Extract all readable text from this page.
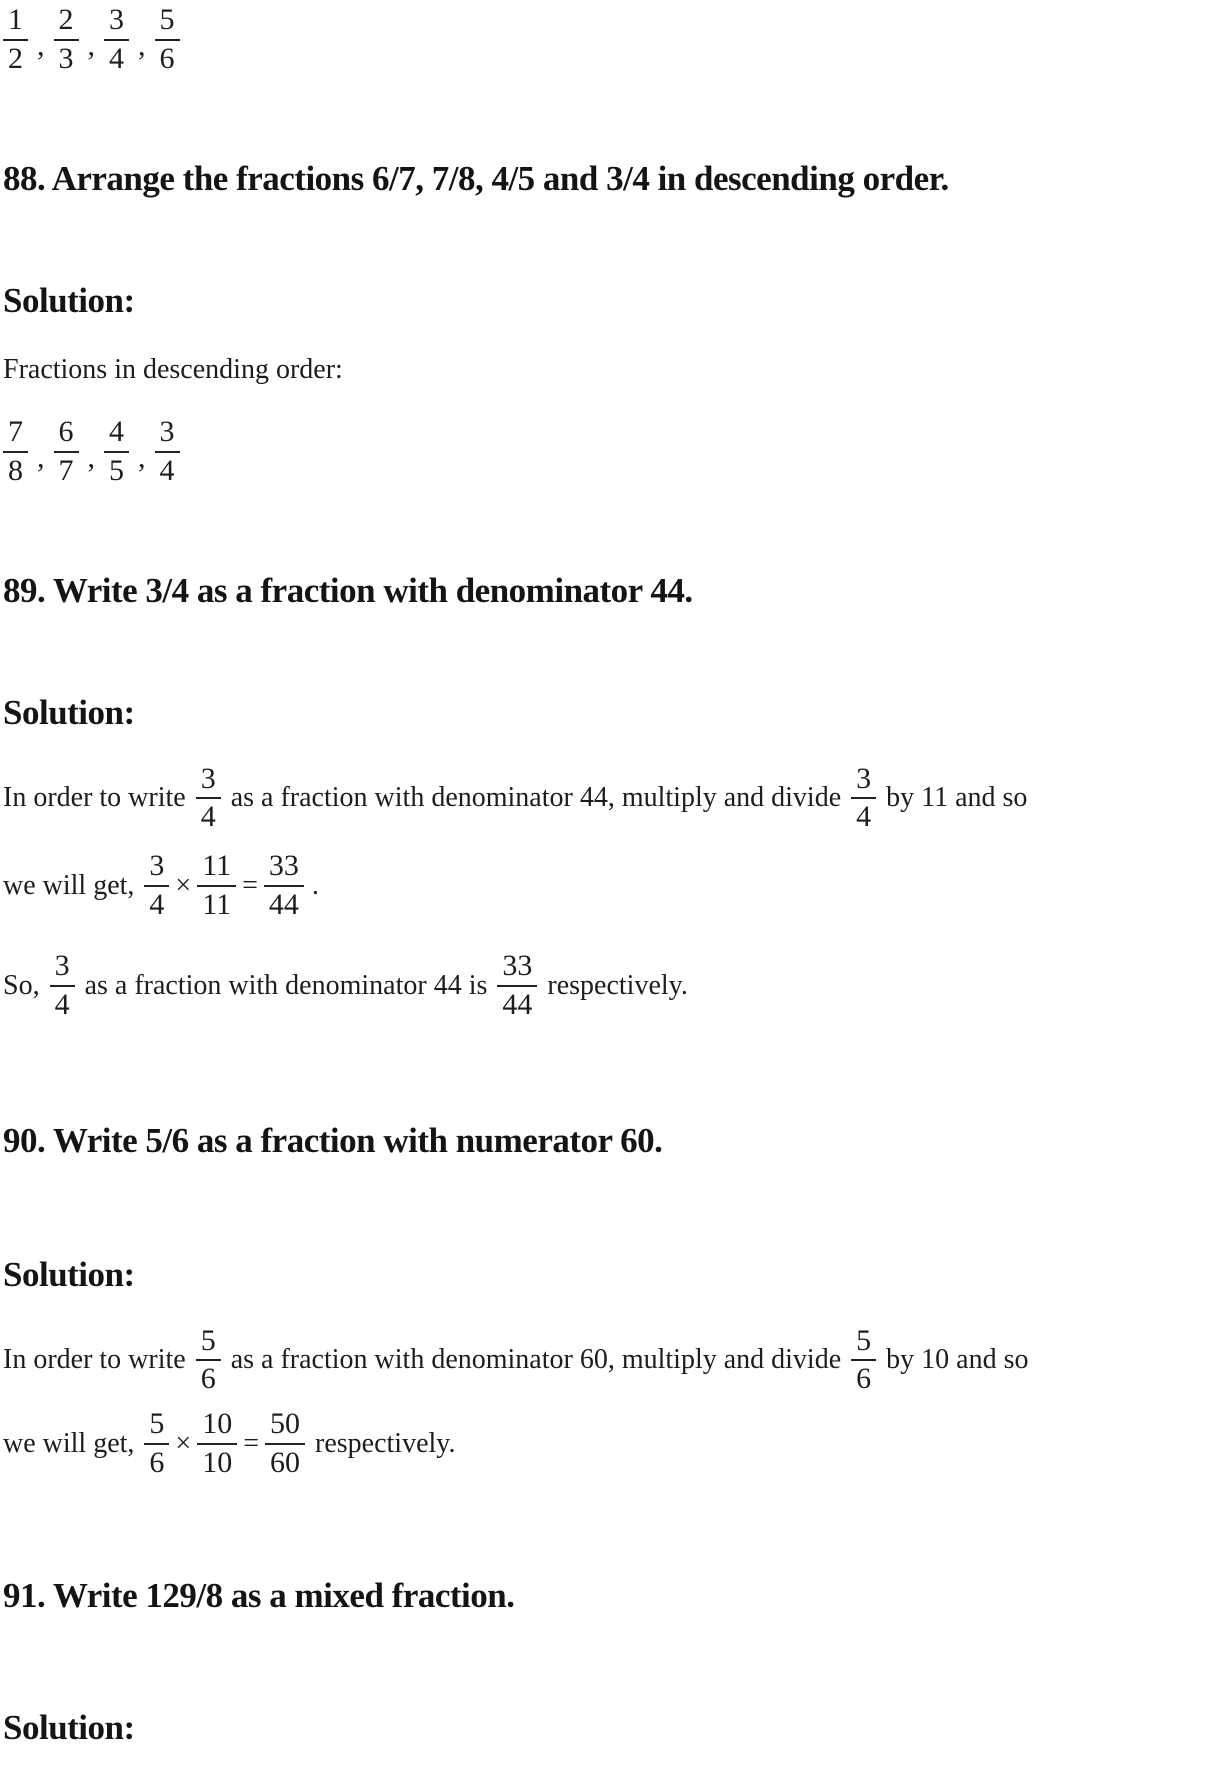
$\frac{1}{2}$ , $\frac{2}{3}$ , $\frac{3}{4}$ , $\frac{5}{6}$
88. Arrange the fractions 6/7, 7/8, 4/5 and 3/4 in descending order.
Solution:

Fractions in descending order:

$\frac{7}{8}$ , $\frac{6}{7}$ , $\frac{4}{5}$ , $\frac{3}{4}$
89. Write 3/4 as a fraction with denominator 44.
Solution:

In order to write $\frac{3}{4}$ as a fraction with denominator 44, multiply and divide $\frac{3}{4}$ by 11 and so

we will get, $\frac{3}{4} \times \frac{11}{11} = \frac{33}{44}$ .

So, $\frac{3}{4}$ as a fraction with denominator 44 is $\frac{33}{44}$ respectively.

90. Write 5/6 as a fraction with numerator 60.
Solution:

In order to write $\frac{5}{6}$ as a fraction with denominator 60, multiply and divide $\frac{5}{6}$ by 10 and so

we will get, $\frac{5}{6} \times \frac{10}{10} = \frac{50}{60}$ respectively.

91. Write 129/8 as a mixed fraction.
Solution:
